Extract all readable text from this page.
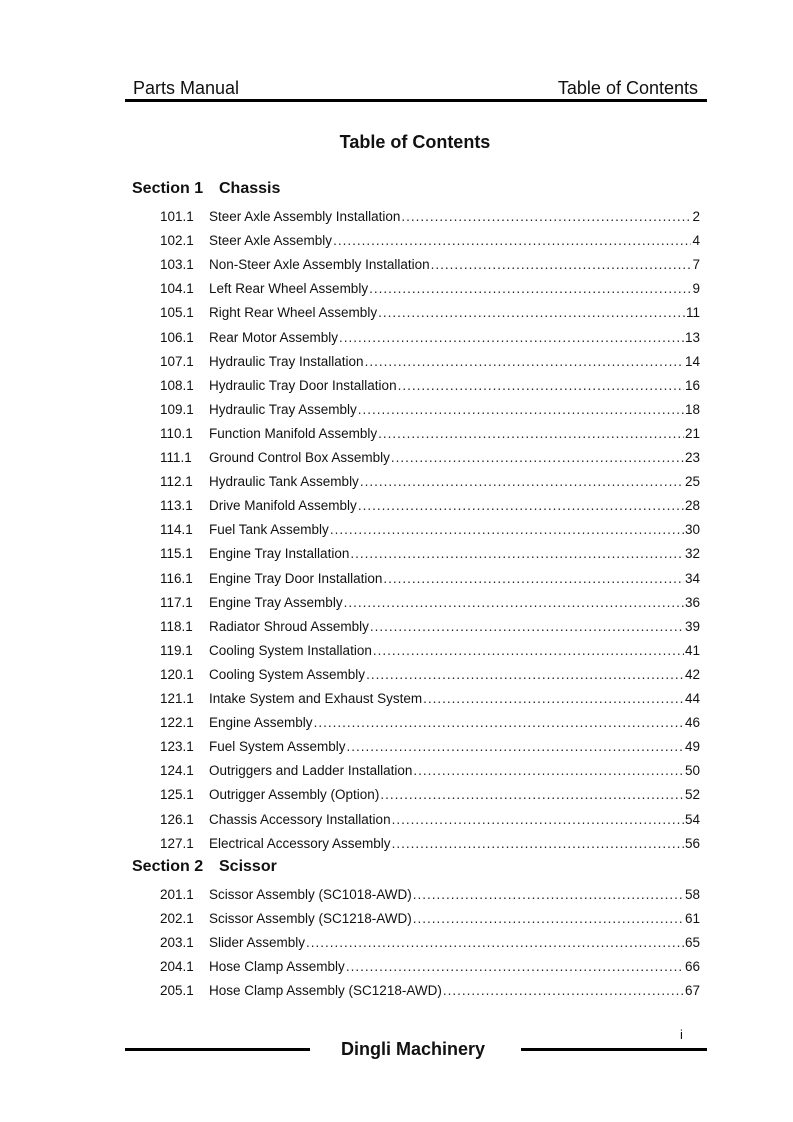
Parts Manual	Table of Contents
Table of Contents
Section 1 Chassis
101.1	Steer Axle Assembly Installation .....	2
102.1	Steer Axle Assembly .....	4
103.1	Non-Steer Axle Assembly Installation .....	7
104.1	Left Rear Wheel Assembly .....	9
105.1	Right Rear Wheel Assembly .....	11
106.1	Rear Motor Assembly .....	13
107.1	Hydraulic Tray Installation .....	14
108.1	Hydraulic Tray Door Installation .....	16
109.1	Hydraulic Tray Assembly .....	18
110.1	Function Manifold Assembly .....	21
111.1	Ground Control Box Assembly .....	23
112.1	Hydraulic Tank Assembly .....	25
113.1	Drive Manifold Assembly .....	28
114.1	Fuel Tank Assembly .....	30
115.1	Engine Tray Installation .....	32
116.1	Engine Tray Door Installation .....	34
117.1	Engine Tray Assembly .....	36
118.1	Radiator Shroud Assembly .....	39
119.1	Cooling System Installation .....	41
120.1	Cooling System Assembly .....	42
121.1	Intake System and Exhaust System .....	44
122.1	Engine Assembly .....	46
123.1	Fuel System Assembly .....	49
124.1	Outriggers and Ladder Installation .....	50
125.1	Outrigger Assembly (Option) .....	52
126.1	Chassis Accessory Installation .....	54
127.1	Electrical Accessory Assembly .....	56
Section 2 Scissor
201.1	Scissor Assembly (SC1018-AWD) .....	58
202.1	Scissor Assembly (SC1218-AWD) .....	61
203.1	Slider Assembly .....	65
204.1	Hose Clamp Assembly .....	66
205.1	Hose Clamp Assembly (SC1218-AWD) .....	67
Dingli Machinery
i
